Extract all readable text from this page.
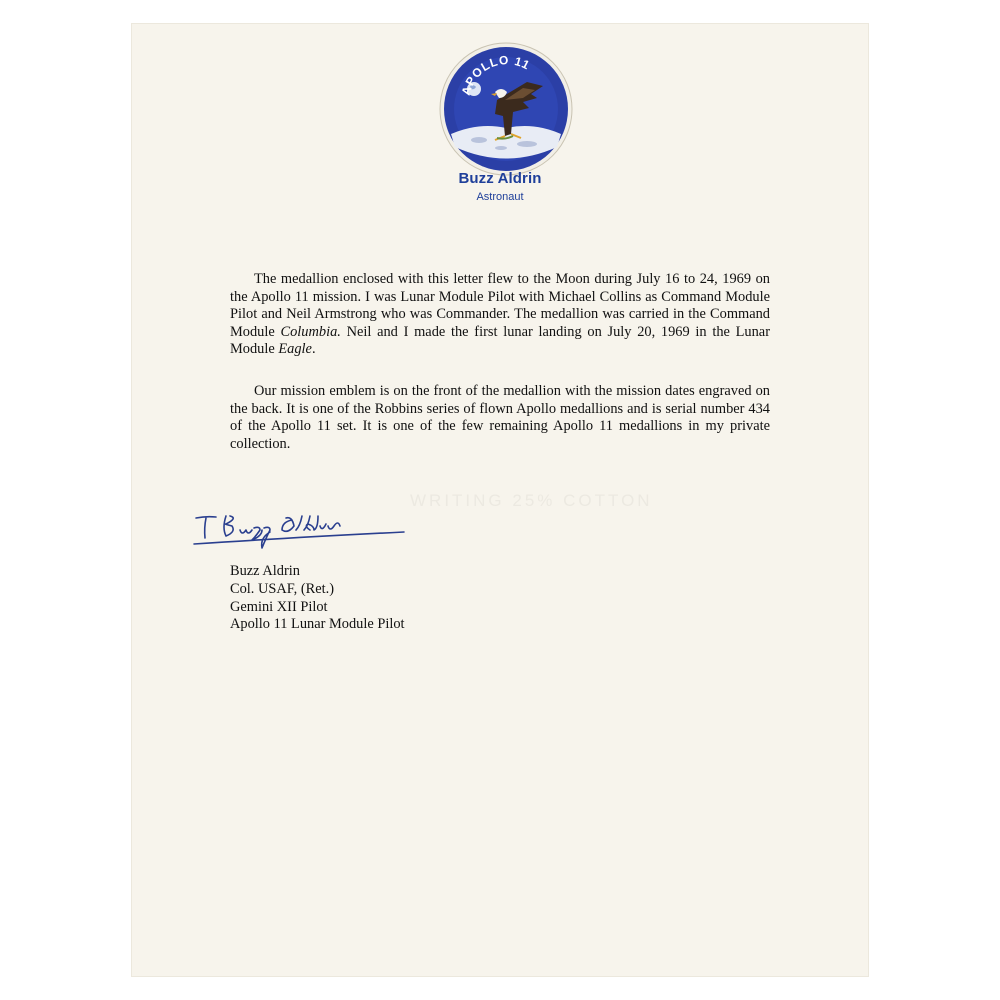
APOLLO 11
Buzz Aldrin
Astronaut

The medallion enclosed with this letter flew to the Moon during July 16 to 24, 1969 on the Apollo 11 mission. I was Lunar Module Pilot with Michael Collins as Command Module Pilot and Neil Armstrong who was Commander. The medallion was carried in the Command Module Columbia. Neil and I made the first lunar landing on July 20, 1969 in the Lunar Module Eagle.

Our mission emblem is on the front of the medallion with the mission dates engraved on the back. It is one of the Robbins series of flown Apollo medallions and is serial number 434 of the Apollo 11 set. It is one of the few remaining Apollo 11 medallions in my private collection.

WRITING 25% COTTON
Buzz Aldrin
Col. USAF, (Ret.)
Gemini XII Pilot
Apollo 11 Lunar Module Pilot
